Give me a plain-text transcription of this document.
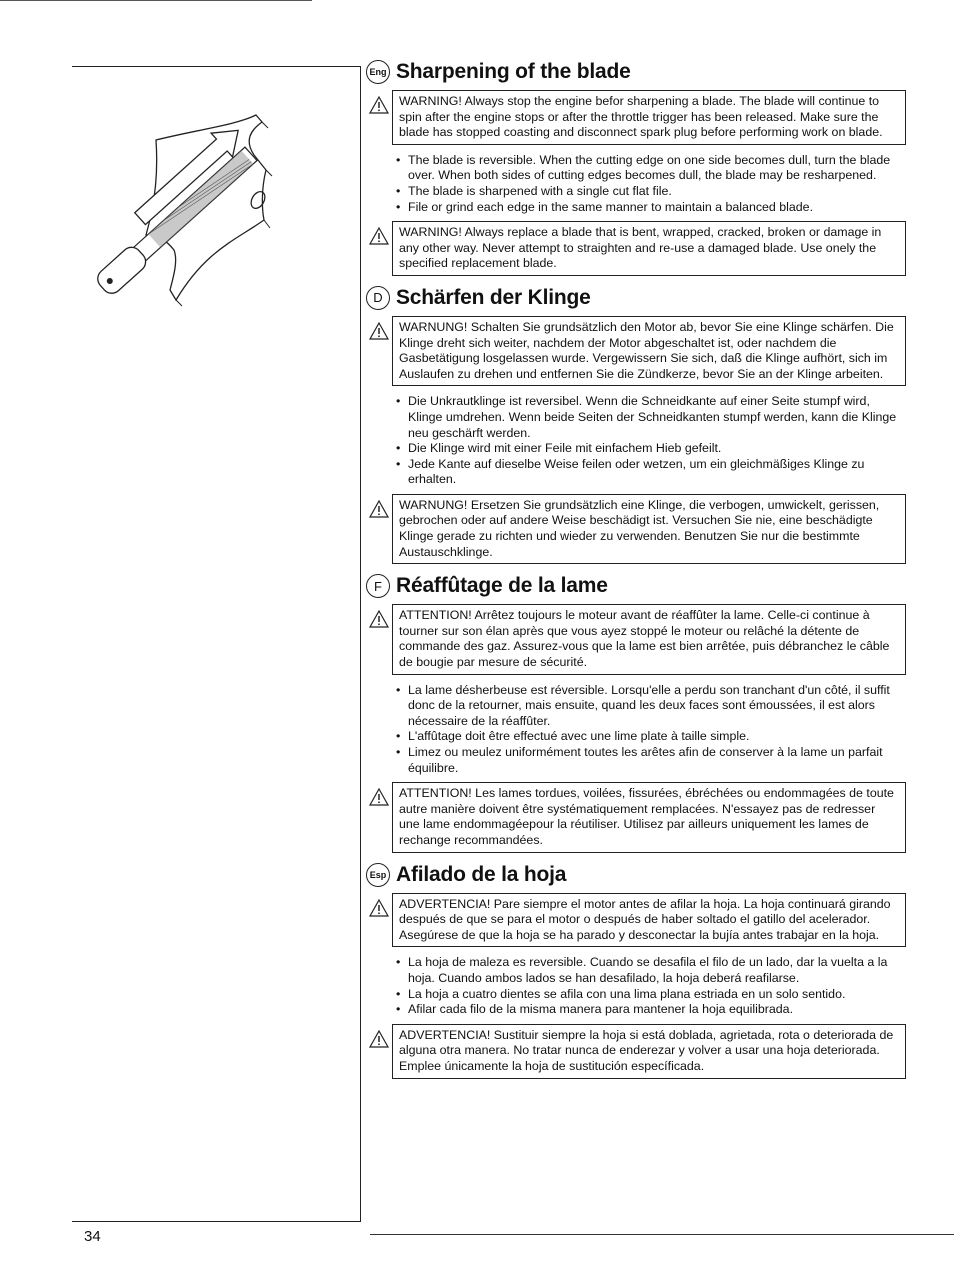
Eng Sharpening of the blade
WARNING! Always stop the engine befor sharpening a blade. The blade will continue to spin after the engine stops or after the throttle trigger has been released. Make sure the blade has stopped coasting and disconnect spark plug before performing work on blade.
• The blade is reversible. When the cutting edge on one side becomes dull, turn the blade over. When both sides of cutting edges becomes dull, the blade may be resharpened.
• The blade is sharpened with a single cut flat file.
• File or grind each edge in the same manner to maintain a balanced blade.
WARNING! Always replace a blade that is bent, wrapped, cracked, broken or damage in any other way. Never attempt to straighten and re-use a damaged blade. Use onely the specified replacement blade.
D Schärfen der Klinge
WARNUNG! Schalten Sie grundsätzlich den Motor ab, bevor Sie eine Klinge schärfen. Die Klinge dreht sich weiter, nachdem der Motor abgeschaltet ist, oder nachdem die Gasbetätigung losgelassen wurde. Vergewissern Sie sich, daß die Klinge aufhört, sich im Auslaufen zu drehen und entfernen Sie die Zündkerze, bevor Sie an der Klinge arbeiten.
• Die Unkrautklinge ist reversibel. Wenn die Schneidkante auf einer Seite stumpf wird, Klinge umdrehen. Wenn beide Seiten der Schneidkanten stumpf werden, kann die Klinge neu geschärft werden.
• Die Klinge wird mit einer Feile mit einfachem Hieb gefeilt.
• Jede Kante auf dieselbe Weise feilen oder wetzen, um ein gleichmäßiges Klinge zu erhalten.
WARNUNG! Ersetzen Sie grundsätzlich eine Klinge, die verbogen, umwickelt, gerissen, gebrochen oder auf andere Weise beschädigt ist. Versuchen Sie nie, eine beschädigte Klinge gerade zu richten und wieder zu verwenden. Benutzen Sie nur die bestimmte Austauschklinge.
F Réaffûtage de la lame
ATTENTION! Arrêtez toujours le moteur avant de réaffûter la lame. Celle-ci continue à tourner sur son élan après que vous ayez stoppé le moteur ou relâché la détente de commande des gaz. Assurez-vous que la lame est bien arrêtée, puis débranchez le câble de bougie par mesure de sécurité.
• La lame désherbeuse est réversible. Lorsqu'elle a perdu son tranchant d'un côté, il suffit donc de la retourner, mais ensuite, quand les deux faces sont émoussées, il est alors nécessaire de la réaffûter.
• L'affûtage doit être effectué avec une lime plate à taille simple.
• Limez ou meulez uniformément toutes les arêtes afin de conserver à la lame un parfait équilibre.
ATTENTION! Les lames tordues, voilées, fissurées, ébréchées ou endommagées de toute autre manière doivent être systématiquement remplacées. N'essayez pas de redresser une lame endommagéepour la réutiliser. Utilisez par ailleurs uniquement les lames de rechange recommandées.
Esp Afilado de la hoja
ADVERTENCIA! Pare siempre el motor antes de afilar la hoja. La hoja continuará girando después de que se para el motor o después de haber soltado el gatillo del acelerador. Asegúrese de que la hoja se ha parado y desconectar la bujía antes trabajar en la hoja.
• La hoja de maleza es reversible. Cuando se desafila el filo de un lado, dar la vuelta a la hoja. Cuando ambos lados se han desafilado, la hoja deberá reafilarse.
• La hoja a cuatro dientes se afila con una lima plana estriada en un solo sentido.
• Afilar cada filo de la misma manera para mantener la hoja equilibrada.
ADVERTENCIA! Sustituir siempre la hoja si está doblada, agrietada, rota o deteriorada de alguna otra manera. No tratar nunca de enderezar y volver a usar una hoja deteriorada. Emplee únicamente la hoja de sustitución específicada.
34
